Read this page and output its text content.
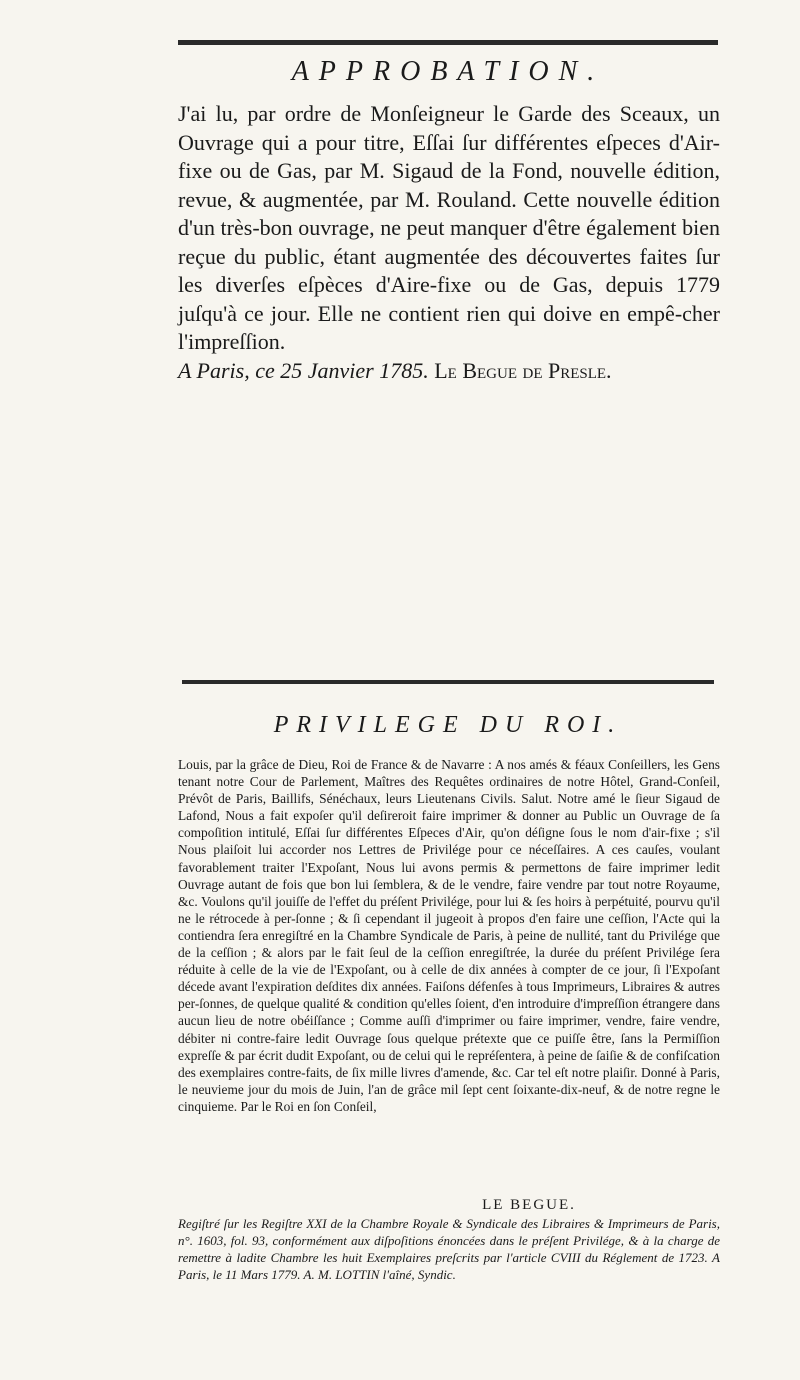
APPROBATION.
J'ai lu, par ordre de Monſeigneur le Garde des Sceaux, un Ouvrage qui a pour titre, Eſſai ſur différentes eſpeces d'Air-fixe ou de Gas, par M. Sigaud de la Fond, nouvelle édition, revue, & augmentée, par M. Rouland. Cette nouvelle édition d'un très-bon ouvrage, ne peut manquer d'être également bien reçue du public, étant augmentée des découvertes faites ſur les diverſes eſpèces d'Aire-fixe ou de Gas, depuis 1779 juſqu'à ce jour. Elle ne contient rien qui doive en empê-cher l'impreſſion.
A Paris, ce 25 Janvier 1785. Le Begue de Presle.
PRIVILEGE DU ROI.
Louis, par la grâce de Dieu, Roi de France & de Navarre : A nos amés & féaux Conſeillers, les Gens tenant notre Cour de Parlement, Maîtres des Requêtes ordinaires de notre Hôtel, Grand-Conſeil, Prévôt de Paris, Baillifs, Sénéchaux, leurs Lieutenans Civils. Salut. Notre amé le ſieur Sigaud de Lafond, Nous a fait expoſer qu'il deſireroit faire imprimer & donner au Public un Ouvrage de ſa compoſition intitulé, Eſſai ſur différentes Eſpeces d'Air, qu'on déſigne ſous le nom d'air-fixe ; s'il Nous plaiſoit lui accorder nos Lettres de Privilége pour ce néceſſaires. A ces cauſes, voulant favorablement traiter l'Expoſant, Nous lui avons permis & permettons de faire imprimer ledit Ouvrage autant de fois que bon lui ſemblera, & de le vendre, faire vendre par tout notre Royaume, &c. Voulons qu'il jouiſſe de l'effet du préſent Privilége, pour lui & ſes hoirs à perpétuité, pourvu qu'il ne le rétrocede à per-ſonne ; & ſi cependant il jugeoit à propos d'en faire une ceſſion, l'Acte qui la contiendra ſera enregiſtré en la Chambre Syndicale de Paris, à peine de nullité, tant du Privilége que de la ceſſion ; & alors par le fait ſeul de la ceſſion enregiſtrée, la durée du préſent Privilége ſera réduite à celle de la vie de l'Expoſant, ou à celle de dix années à compter de ce jour, ſi l'Expoſant décede avant l'expiration deſdites dix années. Faiſons défenſes à tous Imprimeurs, Libraires & autres per-ſonnes, de quelque qualité & condition qu'elles ſoient, d'en introduire d'impreſſion étrangere dans aucun lieu de notre obéiſſance ; Comme auſſi d'imprimer ou faire imprimer, vendre, faire vendre, débiter ni contre-faire ledit Ouvrage ſous quelque prétexte que ce puiſſe être, ſans la Permiſſion expreſſe & par écrit dudit Expoſant, ou de celui qui le repréſentera, à peine de ſaiſie & de confiſcation des exemplaires contre-faits, de ſix mille livres d'amende, &c. Car tel eſt notre plaiſir. Donné à Paris, le neuvieme jour du mois de Juin, l'an de grâce mil ſept cent ſoixante-dix-neuf, & de notre regne le cinquieme. Par le Roi en ſon Conſeil,
LE BEGUE.
Regiſtré ſur les Regiſtre XXI de la Chambre Royale & Syndicale des Libraires & Imprimeurs de Paris, n°. 1603, fol. 93, conformément aux diſpoſitions énoncées dans le préſent Privilége, & à la charge de remettre à ladite Chambre les huit Exemplaires preſcrits par l'article CVIII du Réglement de 1723. A Paris, le 11 Mars 1779. A. M. LOTTIN l'aîné, Syndic.
